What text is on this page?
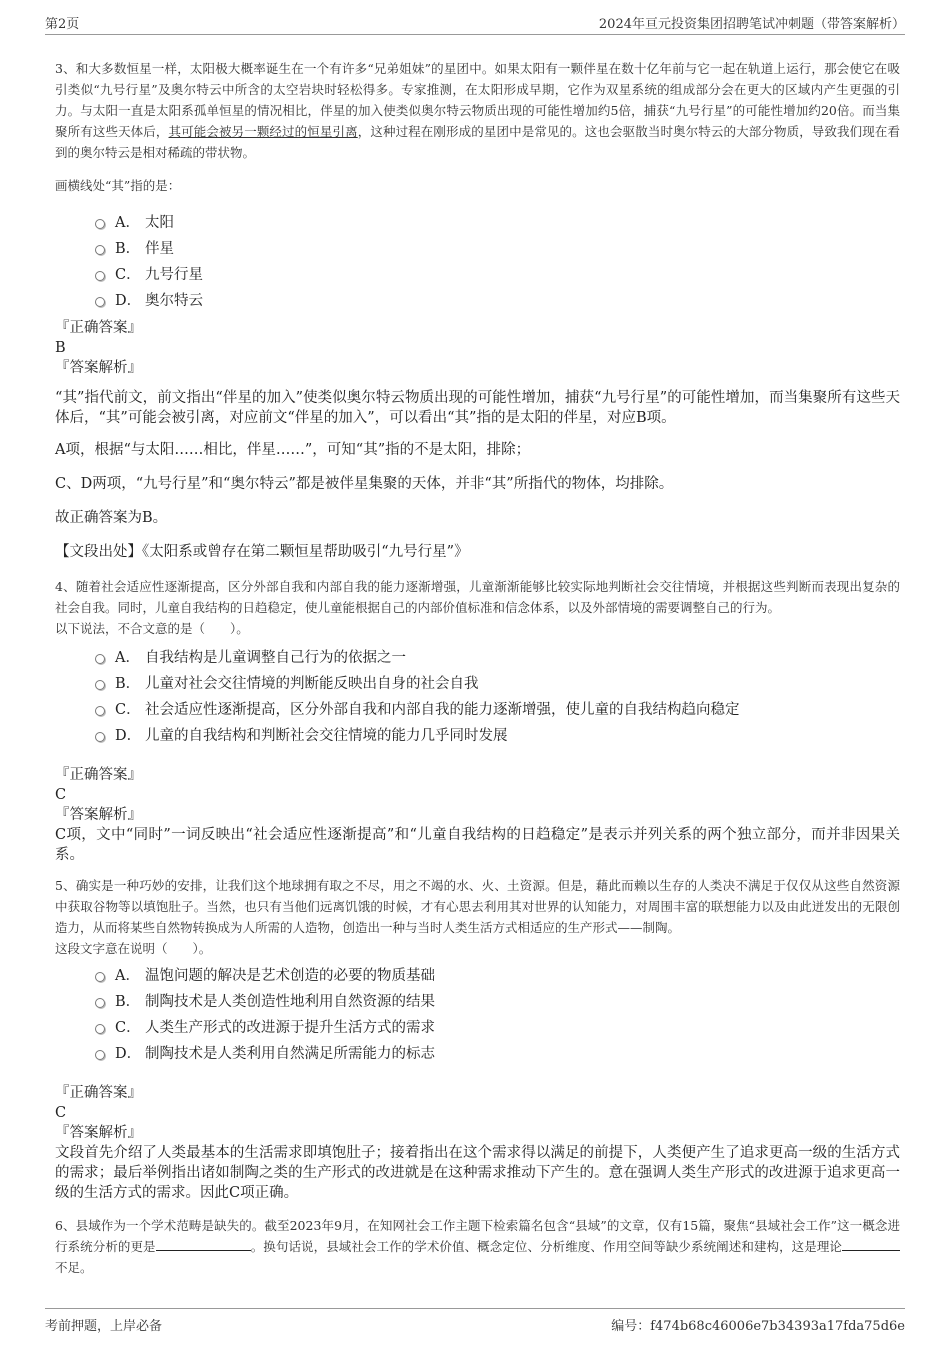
第2页	2024年亘元投资集团招聘笔试冲刺题（带答案解析）

3、和大多数恒星一样，太阳极大概率诞生在一个有许多“兄弟姐妹”的星团中。如果太阳有一颗伴星在数十亿年前与它一起在轨道上运行，那会使它在吸引类似“九号行星”及奥尔特云中所含的太空岩块时轻松得多。专家推测，在太阳形成早期，它作为双星系统的组成部分会在更大的区域内产生更强的引力。与太阳一直是太阳系孤单恒星的情况相比，伴星的加入使类似奥尔特云物质出现的可能性增加约5倍，捕获“九号行星”的可能性增加约20倍。而当集聚所有这些天体后，其可能会被另一颗经过的恒星引离，这种过程在刚形成的星团中是常见的。这也会驱散当时奥尔特云的大部分物质，导致我们现在看到的奥尔特云是相对稀疏的带状物。

画横线处“其”指的是：

A． 太阳
B． 伴星
C． 九号行星
D． 奥尔特云
『正确答案』
B
『答案解析』

“其”指代前文，前文指出“伴星的加入”使类似奥尔特云物质出现的可能性增加，捕获“九号行星”的可能性增加，而当集聚所有这些天体后，“其”可能会被引离，对应前文“伴星的加入”，可以看出“其”指的是太阳的伴星，对应B项。

A项，根据“与太阳……相比，伴星……”，可知“其”指的不是太阳，排除；

C、D两项，“九号行星”和“奥尔特云”都是被伴星集聚的天体，并非“其”所指代的物体，均排除。

故正确答案为B。

【文段出处】《太阳系或曾存在第二颗恒星帮助吸引“九号行星”》

4、随着社会适应性逐渐提高，区分外部自我和内部自我的能力逐渐增强，儿童渐渐能够比较实际地判断社会交往情境，并根据这些判断而表现出复杂的社会自我。同时，儿童自我结构的日趋稳定，使儿童能根据自己的内部价值标准和信念体系，以及外部情境的需要调整自己的行为。

以下说法，不合文意的是（　　）。

A． 自我结构是儿童调整自己行为的依据之一
B． 儿童对社会交往情境的判断能反映出自身的社会自我
C． 社会适应性逐渐提高，区分外部自我和内部自我的能力逐渐增强，使儿童的自我结构趋向稳定
D． 儿童的自我结构和判断社会交往情境的能力几乎同时发展
『正确答案』
C
『答案解析』

C项，文中“同时”一词反映出“社会适应性逐渐提高”和“儿童自我结构的日趋稳定”是表示并列关系的两个独立部分，而并非因果关系。

5、确实是一种巧妙的安排，让我们这个地球拥有取之不尽，用之不竭的水、火、土资源。但是，藉此而赖以生存的人类决不满足于仅仅从这些自然资源中获取谷物等以填饱肚子。当然，也只有当他们远离饥饿的时候，才有心思去利用其对世界的认知能力，对周围丰富的联想能力以及由此迸发出的无限创造力，从而将某些自然物转换成为人所需的人造物，创造出一种与当时人类生活方式相适应的生产形式——制陶。

这段文字意在说明（　　）。

A． 温饱问题的解决是艺术创造的必要的物质基础
B． 制陶技术是人类创造性地利用自然资源的结果
C． 人类生产形式的改进源于提升生活方式的需求
D． 制陶技术是人类利用自然满足所需能力的标志
『正确答案』
C
『答案解析』

文段首先介绍了人类最基本的生活需求即填饱肚子；接着指出在这个需求得以满足的前提下，人类便产生了追求更高一级的生活方式的需求；最后举例指出诸如制陶之类的生产形式的改进就是在这种需求推动下产生的。意在强调人类生产形式的改进源于追求更高一级的生活方式的需求。因此C项正确。

6、县域作为一个学术范畴是缺失的。截至2023年9月，在知网社会工作主题下检索篇名包含“县域”的文章，仅有15篇，聚焦“县域社会工作”这一概念进行系统分析的更是	。换句话说，县域社会工作的学术价值、概念定位、分析维度、作用空间等缺少系统阐述和建构，这是理论不足。

考前押题，上岸必备	编号：f474b68c46006e7b34393a17fda75d6e
